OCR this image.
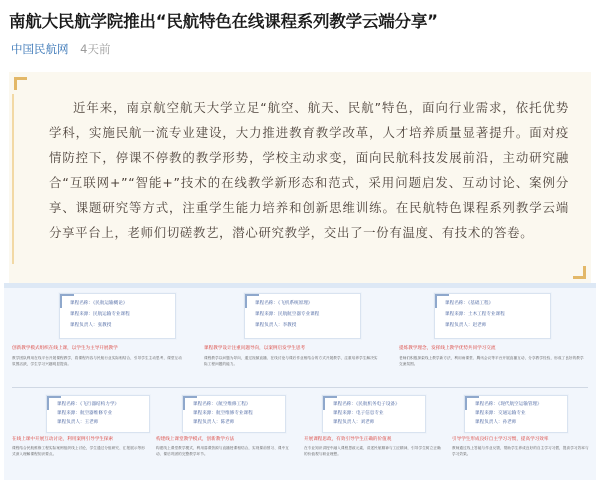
南航大民航学院推出“民航特色在线课程系列教学云端分享”
中国民航网 4天前

近年来，南京航空航天大学立足“航空、航天、民航”特色，面向行业需求，依托优势学科，实施民航一流专业建设，大力推进教育教学改革，人才培养质量显著提升。面对疫情防控下，停课不停教的教学形势，学校主动求变，面向民航科技发展前沿，主动研究融合“互联网+”“智能+”技术的在线教学新形态和范式，采用问题启发、互动讨论、案例分享、课题研究等方式，注重学生能力培养和创新思维训练。在民航特色课程系列教学云端分享平台上，老师们切磋教艺，潜心研究教学，交出了一份有温度、有技术的答卷。

课程名称：《民航运输概论》
课程来源：民航运输专业课程
课程负责人：张教授
课程名称：《飞机系统原理》
课程来源：民航航空器专业课程
课程负责人：李教授
课程名称：《基础工程》
课程来源：土木工程专业课程
课程负责人：赵老师
创新教学模式组织在线上课，以学生为主导开展教学
教学团队利用在线平台开展课程教学，将课程内容与民航行业实际相结合，引导学生主动思考，课堂互动氛围活跃，学生学习兴趣明显提高。
课程教学设计注重问题导向，以案例启发学生思考
课程教学以问题为导向，通过视频直播、在线讨论与课后作业相结合的方式开展教学，注重培养学生解决实际工程问题的能力。
提炼教学理念，发挥线上教学优势共同学习交流
老师们积极探索线上教学新方法，利用雨课堂、腾讯会议等平台开展直播互动，分享教学经验，形成了良好的教学交流氛围。
课程名称：《飞行器结构力学》
课程来源：航空器维修专业
课程负责人：王老师
课程名称：《航空维修工程》
课程来源：航空维修专业课程
课程负责人：陈老师
课程名称：《民航机务电子设备》
课程来源：电子信息专业
课程负责人：刘老师
课程名称：《现代航空运输管理》
课程来源：交通运输专业
课程负责人：孙老师
在线上课中开展互动讨论，利用案例引导学生探索
课程结合民航维修工程实际案例组织线上讨论，学生通过分组研究、汇报展示等形式深入理解课程知识要点。
构建线上课堂教学模式，创新教学方法
构建线上课堂教学模式，利用慕课资源与直播授课相结合，实现课前预习、课中互动、课后巩固的完整教学环节。
开展课程思政，有效引导学生正确的价值观
在专业知识讲授中融入课程思政元素，讲述民航精神与工匠精神，引导学生树立正确的价值观与职业理想。
引导学生形成良好自主学习习惯，提高学习效率
教师通过线上答疑与作业反馈，帮助学生养成良好的自主学习习惯，提高学习效率与学习效果。
